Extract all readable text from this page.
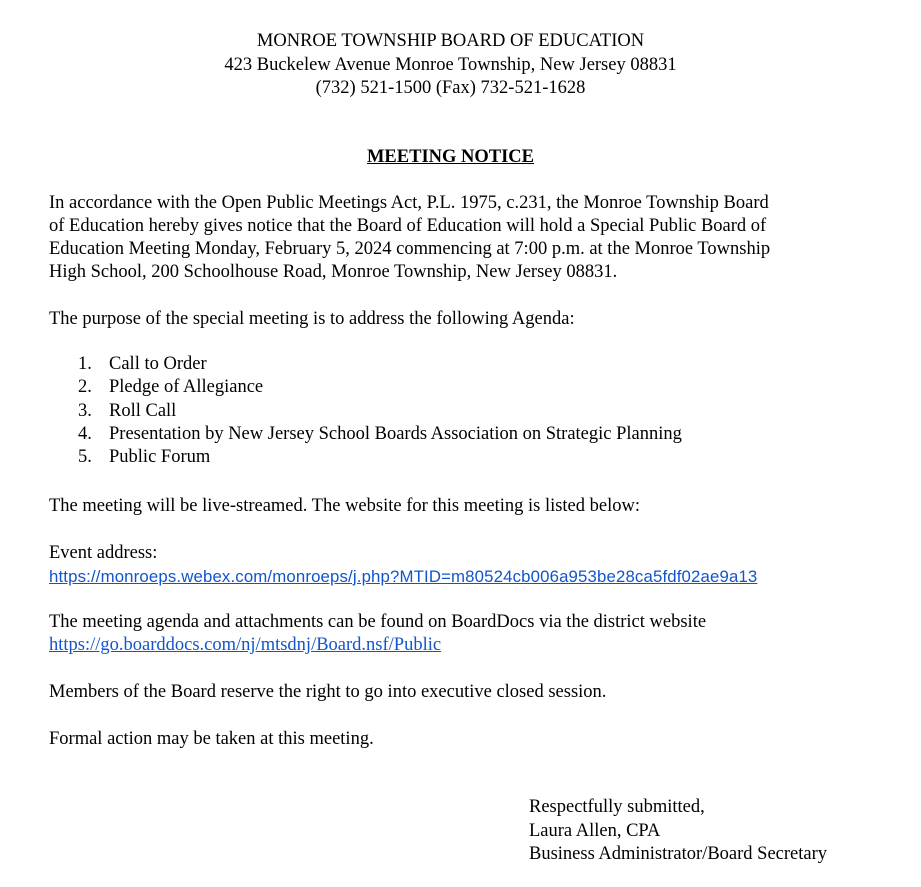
MONROE TOWNSHIP BOARD OF EDUCATION
423 Buckelew Avenue Monroe Township, New Jersey 08831
(732) 521-1500 (Fax) 732-521-1628
MEETING NOTICE

In accordance with the Open Public Meetings Act, P.L. 1975, c.231, the Monroe Township Board
of Education hereby gives notice that the Board of Education will hold a Special Public Board of
Education Meeting Monday, February 5, 2024 commencing at 7:00 p.m. at the Monroe Township
High School, 200 Schoolhouse Road, Monroe Township, New Jersey 08831.

The purpose of the special meeting is to address the following Agenda:

1. Call to Order
2. Pledge of Allegiance
3. Roll Call
4. Presentation by New Jersey School Boards Association on Strategic Planning
5. Public Forum

The meeting will be live-streamed. The website for this meeting is listed below:

Event address:
https://monroeps.webex.com/monroeps/j.php?MTID=m80524cb006a953be28ca5fdf02ae9a13

The meeting agenda and attachments can be found on BoardDocs via the district website
https://go.boarddocs.com/nj/mtsdnj/Board.nsf/Public

Members of the Board reserve the right to go into executive closed session.

Formal action may be taken at this meeting.

Respectfully submitted,
Laura Allen, CPA
Business Administrator/Board Secretary
